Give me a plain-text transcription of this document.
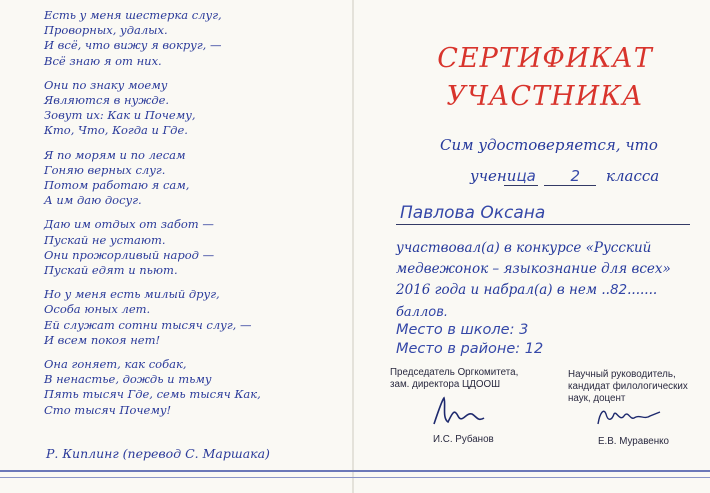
Есть у меня шестерка слуг,
Проворных, удалых.
И всё, что вижу я вокруг, —
Всё знаю я от них.
Они по знаку моему
Являются в нужде.
Зовут их: Как и Почему,
Кто, Что, Когда и Где.
Я по морям и по лесам
Гоняю верных слуг.
Потом работаю я сам,
А им даю досуг.
Даю им отдых от забот —
Пускай не устают.
Они прожорливый народ —
Пускай едят и пьют.
Но у меня есть милый друг,
Особа юных лет.
Ей служат сотни тысяч слуг, —
И всем покоя нет!
Она гоняет, как собак,
В ненастье, дождь и тьму
Пять тысяч Где, семь тысяч Как,
Сто тысяч Почему!
Р. Киплинг (перевод С. Маршака)
СЕРТИФИКАТ
УЧАСТНИКА
Сим удостоверяется, что
ученица 2 класса
Павлова Оксана
участвовал(а) в конкурсе «Русский
медвежонок – языкознание для всех»
2016 года и набрал(а) в нем ..82.......
баллов.
Место в школе: 3
Место в районе: 12
Председатель Оргкомитета,
зам. директора ЦДООШ
И.С. Рубанов
Научный руководитель,
кандидат филологических
наук, доцент
Е.В. Муравенко
